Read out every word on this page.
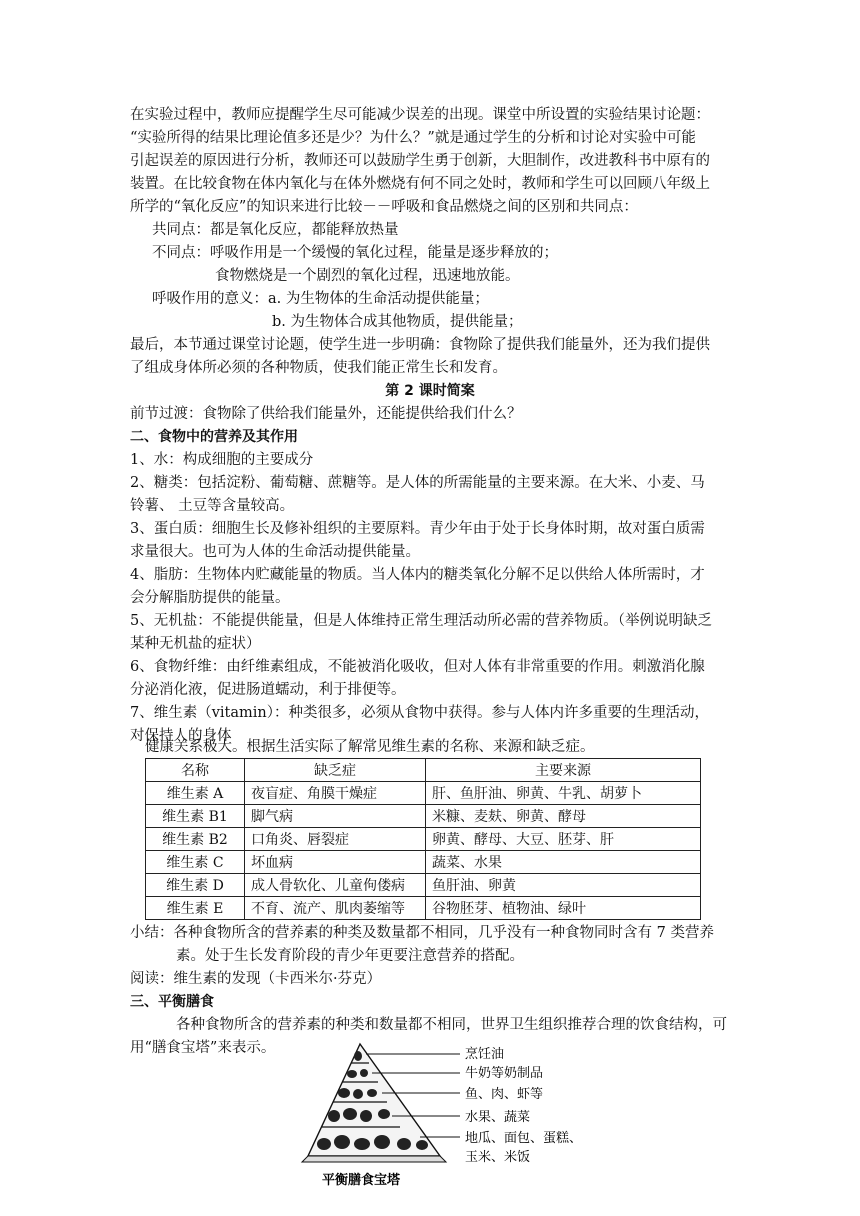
在实验过程中，教师应提醒学生尽可能减少误差的出现。课堂中所设置的实验结果讨论题：
“实验所得的结果比理论值多还是少？为什么？”就是通过学生的分析和讨论对实验中可能
引起误差的原因进行分析，教师还可以鼓励学生勇于创新，大胆制作，改进教科书中原有的
装置。在比较食物在体内氧化与在体外燃烧有何不同之处时，教师和学生可以回顾八年级上
所学的“氧化反应”的知识来进行比较－－呼吸和食品燃烧之间的区别和共同点：
共同点：都是氧化反应，都能释放热量
不同点：呼吸作用是一个缓慢的氧化过程，能量是逐步释放的；
食物燃烧是一个剧烈的氧化过程，迅速地放能。
呼吸作用的意义：a. 为生物体的生命活动提供能量；
b. 为生物体合成其他物质，提供能量；
最后，本节通过课堂讨论题，使学生进一步明确：食物除了提供我们能量外，还为我们提供
了组成身体所必须的各种物质，使我们能正常生长和发育。
第 2 课时简案
前节过渡：食物除了供给我们能量外，还能提供给我们什么？
二、食物中的营养及其作用
1、水：构成细胞的主要成分
2、糖类：包括淀粉、葡萄糖、蔗糖等。是人体的所需能量的主要来源。在大米、小麦、马
铃薯、 土豆等含量较高。
3、蛋白质：细胞生长及修补组织的主要原料。青少年由于处于长身体时期，故对蛋白质需
求量很大。也可为人体的生命活动提供能量。
4、脂肪：生物体内贮藏能量的物质。当人体内的糖类氧化分解不足以供给人体所需时，才
会分解脂肪提供的能量。
5、无机盐：不能提供能量，但是人体维持正常生理活动所必需的营养物质。（举例说明缺乏
某种无机盐的症状）
6、食物纤维：由纤维素组成，不能被消化吸收，但对人体有非常重要的作用。刺激消化腺
分泌消化液，促进肠道蠕动，利于排便等。
7、维生素（vitamin）：种类很多，必须从食物中获得。参与人体内许多重要的生理活动，
对保持人的身体
健康关系极大。根据生活实际了解常见维生素的名称、来源和缺乏症。
名称	缺乏症	主要来源
维生素 A	夜盲症、角膜干燥症	肝、鱼肝油、卵黄、牛乳、胡萝卜
维生素 B1	脚气病	米糠、麦麸、卵黄、酵母
维生素 B2	口角炎、唇裂症	卵黄、酵母、大豆、胚芽、肝
维生素 C	坏血病	蔬菜、水果
维生素 D	成人骨软化、儿童佝偻病	鱼肝油、卵黄
维生素 E	不育、流产、肌肉萎缩等	谷物胚芽、植物油、绿叶
小结：各种食物所含的营养素的种类及数量都不相同，几乎没有一种食物同时含有 7 类营养
素。处于生长发育阶段的青少年更要注意营养的搭配。
阅读：维生素的发现（卡西米尔·芬克）
三、平衡膳食
各种食物所含的营养素的种类和数量都不相同，世界卫生组织推荐合理的饮食结构，可
用“膳食宝塔”来表示。	烹饪油
牛奶等奶制品
鱼、肉、虾等
水果、蔬菜
地瓜、面包、蛋糕、
玉米、米饭
平衡膳食宝塔
